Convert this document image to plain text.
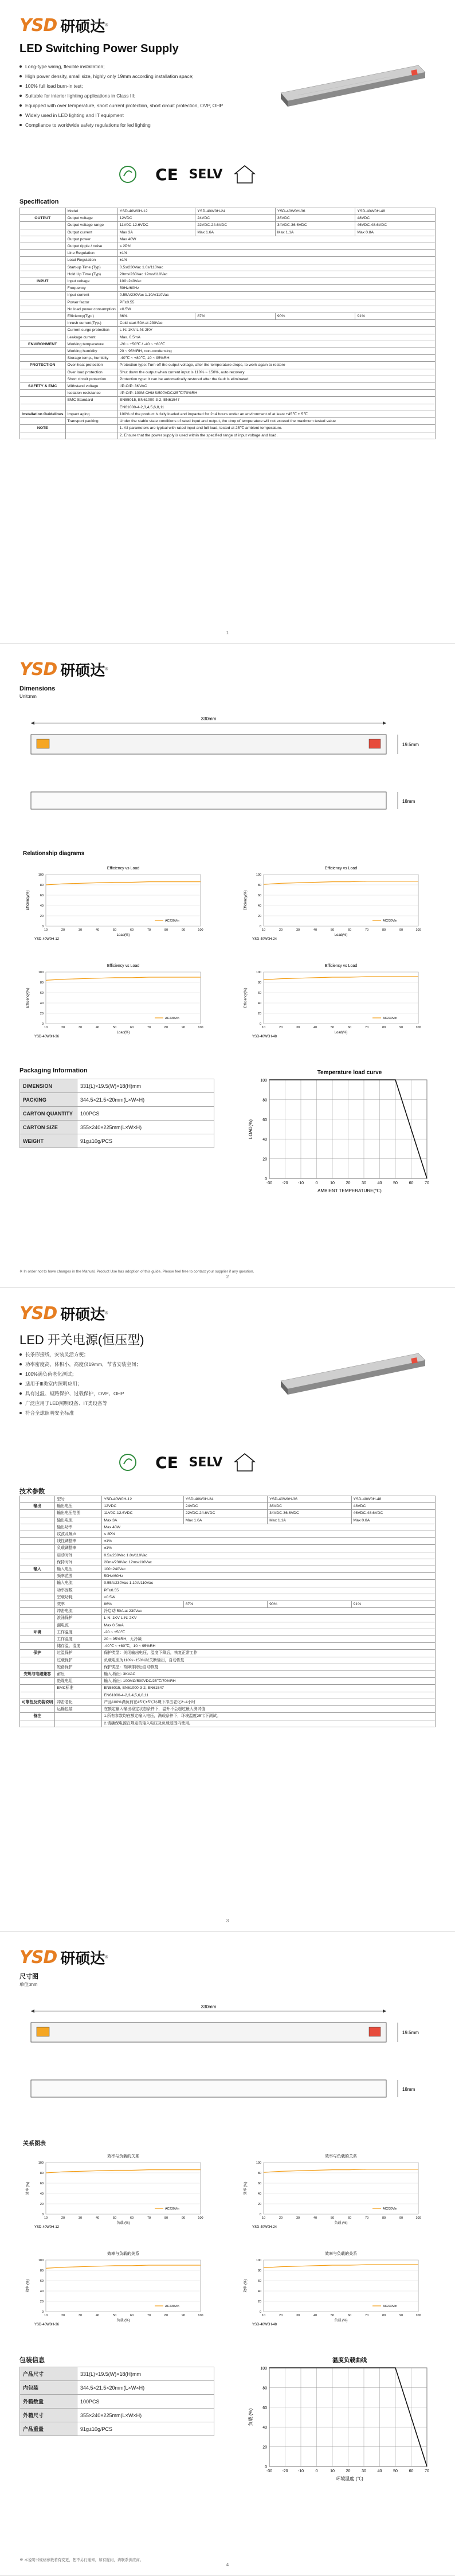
YSD 研硕达 ®
LED Switching Power Supply
Long-type wiring, flexible installation;
High power density, small size, highly only 19mm according installation space;
100% full load burn-in test;
Suitable for interior lighting applications in Class III;
Equipped with over temperature, short current protection, short circuit protection, OVP, OHP
Widely used in LED lighting and IT equipment
Compliance to worldwide safety regulations for led lighting
CE SELV
Specification
	Model	YSD-40W0H-12	YSD-40W0H-24	YSD-40W0H-36	YSD-40W0H-48
OUTPUT	Output voltage	12VDC	24VDC	36VDC	48VDC
	Output voltage range	11V0C-12.6VDC	22VDC-24.6VDC	34VDC-36.6VDC	46VDC-48.6VDC
	Output current	Max 3A	Max 1.6A	Max 1.1A	Max 0.8A
	Output power	Max 40W			
	Output ripple / noise	≤ 2P%			
	Line Regulation	±1%			
	Load Regulation	±1%			
	Start-up Time (Typ)	0.5s/230Vac 1.0s/110Vac			
	Hold Up Time (Typ)	20ms/230Vac 12ms/110Vac			
INPUT	Input voltage	100~240Vac			
	Frequency	50Hz/60Hz			
	Input current	0.55A/230Vac 1.10A/110Vac			
	Power factor	PF≥0.55			
	No load power consumption	<0.5W			
	Efficiency(Typ.)	86%	87%	90%	91%
	Inrush current(Typ.)	Cold start 50A at 230Vac			
	Current surge protection	L-N: 1KV L-N: 2KV			
	Leakage current	Max. 0.5mA			
ENVIRONMENT	Working temperature	-20 ~ +50℃ / -40 ~ +80℃			
	Working humidity	20 ~ 95%RH, non-condensing			
	Storage temp., humidity	-40℃ ~ +80℃, 10 ~ 95%RH			
PROTECTION	Over-heat protection	Protection type: Turn off the output voltage, after the temperature drops, to work again to restore			
	Over load protection	Shut down the output when current input is 110% ~ 150%, auto recovery			
	Short circuit protection	Protection type: It can be automatically restored after the fault is eliminated			
SAFETY & EMC	Withstand voltage	I/P-O/P: 3KVAC			
	Isolation resistance	I/P-O/P: 100M OHMS/500VDC/25℃/70%RH			
	EMC Standard	EN55015, EN61000-3-2, EN61547			
		EN61000-4-2,3,4,5,6,8,11			
Installation Guidelines	Impact aging	100% of the product is fully loaded and impacted for 2~4 hours under an environment of at least +45℃ ± 5℃			
	Transport packing	Under the stable state conditions of rated input and output, the drop of temperature will not exceed the maximum tested value			
NOTE		1. All parameters are typical with rated input and full load, tested at 25℃ ambient temperature.			
		2. Ensure that the power supply is used within the specified range of input voltage and load.			
1
YSD 研硕达 ®
Dimensions
Unit:mm
330mm
19.5mm
18mm
Relationship diagrams
Efficiency vs Load
0
20
40
60
80
100
10	20	30	40	50	60	70	80	90	100
AC230Vin
Load(%)
Efficiency(%)
YSD-40W0H-12
Efficiency vs Load
0
20
40
60
80
100
10	20	30	40	50	60	70	80	90	100
AC230Vin
Load(%)
Efficiency(%)
YSD-40W0H-24
Efficiency vs Load
0
20
40
60
80
100
10	20	30	40	50	60	70	80	90	100
AC230Vin
Load(%)
Efficiency(%)
YSD-40W0H-36
Efficiency vs Load
0
20
40
60
80
100
10	20	30	40	50	60	70	80	90	100
AC230Vin
Load(%)
Efficiency(%)
YSD-40W0H-48
Packaging Information
DIMENSION	331(L)×19.5(W)×18(H)mm
PACKING	344.5×21.5×20mm(L×W×H)
CARTON QUANTITY	100PCS
CARTON SIZE	355×240×225mm(L×W×H)
WEIGHT	91g±10g/PCS
Temperature load curve
-30 -20 -10	0	10	20	30	40	50	60	70
0
20
40
60
80
100
AMBIENT TEMPERATURE(℃)
LOAD(%)
※ In order not to have changes in the Manual, Product Use has adoption of this guide. Please feel free to contact your supplier if any question.
2
YSD 研硕达 ®
LED 开关电源(恒压型)
长条形接线，安装灵活方便；
功率密度高，体积小，高度仅19mm，节省安装空间；
100%满负荷老化测试；
适用于Ⅲ类室内照明应用；
具有过温、短路保护、过载保护，OVP、OHP
广泛应用于LED照明设备、IT类设备等
符合全球照明安全标准
CE SELV
技术参数
	型号	YSD-40W0H-12	YSD-40W0H-24	YSD-40W0H-36	YSD-40W0H-48
输出	输出电压	12VDC	24VDC	36VDC	48VDC
	输出电压范围	11V0C-12.6VDC	22VDC-24.6VDC	34VDC-36.6VDC	46VDC-48.6VDC
	输出电流	Max 3A	Max 1.6A	Max 1.1A	Max 0.8A
	输出功率	Max 40W			
	纹波及噪声	≤ 2P%			
	线性调整率	±1%			
	负载调整率	±1%			
	启动时间	0.5s/230Vac 1.0s/110Vac			
	保持时间	20ms/230Vac 12ms/110Vac			
输入	输入电压	100~240Vac			
	频率范围	50Hz/60Hz			
	输入电流	0.55A/230Vac 1.10A/110Vac			
	功率因数	PF≥0.55			
	空载功耗	<0.5W			
	效率	86%	87%	90%	91%
	冲击电流	冷启动 50A at 230Vac			
	浪涌保护	L-N: 1KV L-N: 2KV			
	漏电流	Max 0.5mA			
环境	工作温度	-20 ~ +50℃			
	工作湿度	20 ~ 95%RH，无冷凝			
	储存温、湿度	-40℃ ~ +80℃，10 ~ 95%RH			
保护	过温保护	保护类型：关闭输出电压，温度下降后，恢复正常工作			
	过载保护	负载电流为110%~150%时关断输出，自动恢复			
	短路保护	保护类型：故障排除后自动恢复			
安规与电磁兼容	耐压	输入-输出: 3KVAC			
	绝缘电阻	输入-输出: 100MΩ/500VDC/25℃/70%RH			
	EMC标准	EN55015, EN61000-3-2, EN61547			
		EN61000-4-2,3,4,5,6,8,11			
可靠性及安装说明	冲击老化	产品100%满负荷在45℃±5℃环境下冲击老化2~4小时			
	运输包装	在额定输入输出稳定状态条件下，温升不会超过最大测试值			
备注		1.所有参数均在额定输入电压，满载条件下，环境温度25℃下测试。			
		2.请确保电源在规定的输入电压及负载范围内使用。			
3
YSD 研硕达 ®
尺寸图
单位:mm
330mm
19.5mm
18mm
关系图表
效率与负载的关系
0
20
40
60
80
100
10	20	30	40	50	60	70	80	90	100
AC230Vin
负载 (%)
效率 (%)
YSD-40W0H-12
效率与负载的关系
0
20
40
60
80
100
10	20	30	40	50	60	70	80	90	100
AC230Vin
负载 (%)
效率 (%)
YSD-40W0H-24
效率与负载的关系
0
20
40
60
80
100
10	20	30	40	50	60	70	80	90	100
AC230Vin
负载 (%)
效率 (%)
YSD-40W0H-36
效率与负载的关系
0
20
40
60
80
100
10	20	30	40	50	60	70	80	90	100
AC230Vin
负载 (%)
效率 (%)
YSD-40W0H-48
包装信息
产品尺寸	331(L)×19.5(W)×18(H)mm
内包装	344.5×21.5×20mm(L×W×H)
外箱数量	100PCS
外箱尺寸	355×240×225mm(L×W×H)
产品重量	91g±10g/PCS
温度负载曲线
-30 -20 -10	0	10	20	30	40	50	60	70
0
20
40
60
80
100
环境温度 (℃)
负载 (%)
※ 本说明书规格参数若有变更，恕不另行通知，如有疑问，请联系供应商。
4
